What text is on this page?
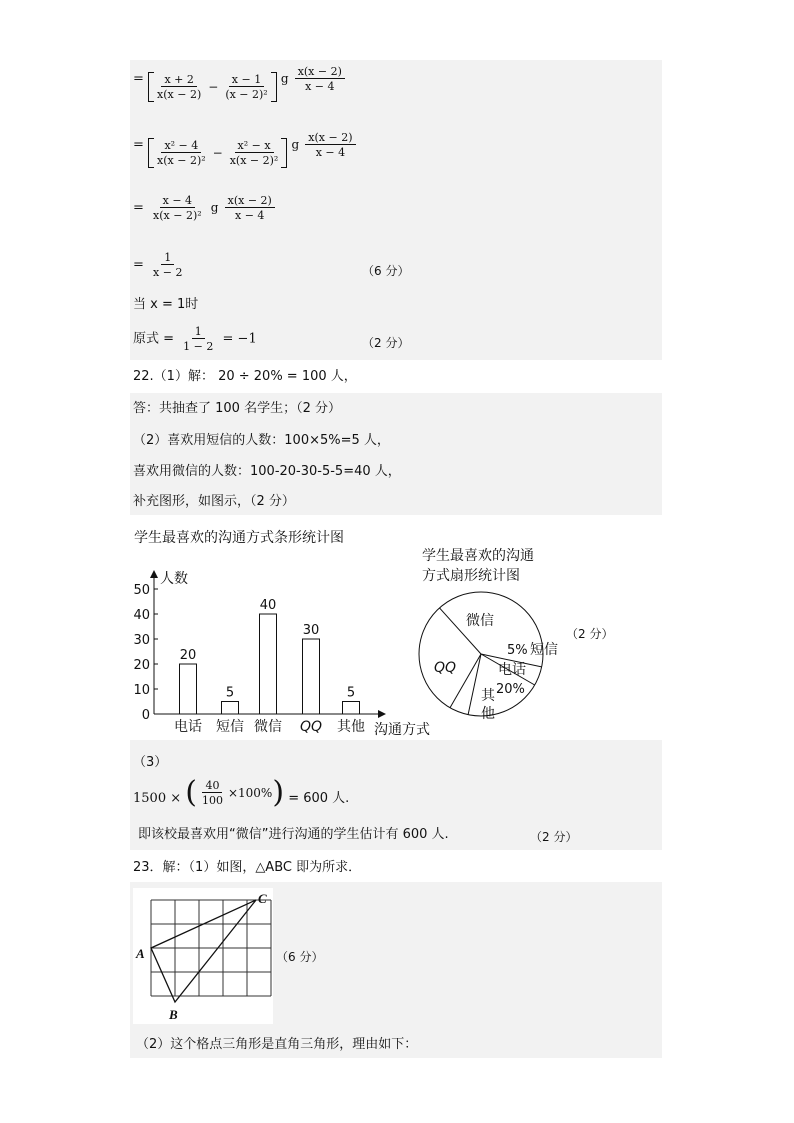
= $\frac{x + 2}{x(x - 2)} - \frac{x - 1}{\text{(x − 2)²}}$ g $\frac{x(x - 2)}{x - 4}$
= $\frac{\text{x² − 4}}{\text{x(x − 2)²}} - \frac{\text{x² − x}}{\text{x(x − 2)²}}$ g $\frac{x(x - 2)}{x - 4}$
= $\frac{x - 4}{\text{x(x − 2)²}}$ g $\frac{x(x - 2)}{x - 4}$
= $\frac{1}{x - 2}$	（6 分）
当 x = 1时
原式 = $\frac{1}{1 - 2} = -1$	（2 分）
22.（1）解： 20 ÷ 20% = 100 人，
答：共抽查了 100 名学生；（2 分）
（2）喜欢用短信的人数：100×5%=5 人，
喜欢用微信的人数：100-20-30-5-5=40 人，
补充图形，如图示，（2 分）
学生最喜欢的沟通方式条形统计图
人数
沟通方式
0
10
20
30
40
50
20
电话
5
短信
40
微信
30
QQ
5
其他
学生最喜欢的沟通
方式扇形统计图
微信
5% 短信
电话
20%
其
他
QQ
（2 分）
（3）
1500 × ( $\frac{40}{100} \times 100\%$ ) = 600 人.
即该校最喜欢用“微信”进行沟通的学生估计有 600 人.	（2 分）
23．解：（1）如图，△ABC 即为所求．
A
B
C
（6 分）
（2）这个格点三角形是直角三角形，理由如下：
